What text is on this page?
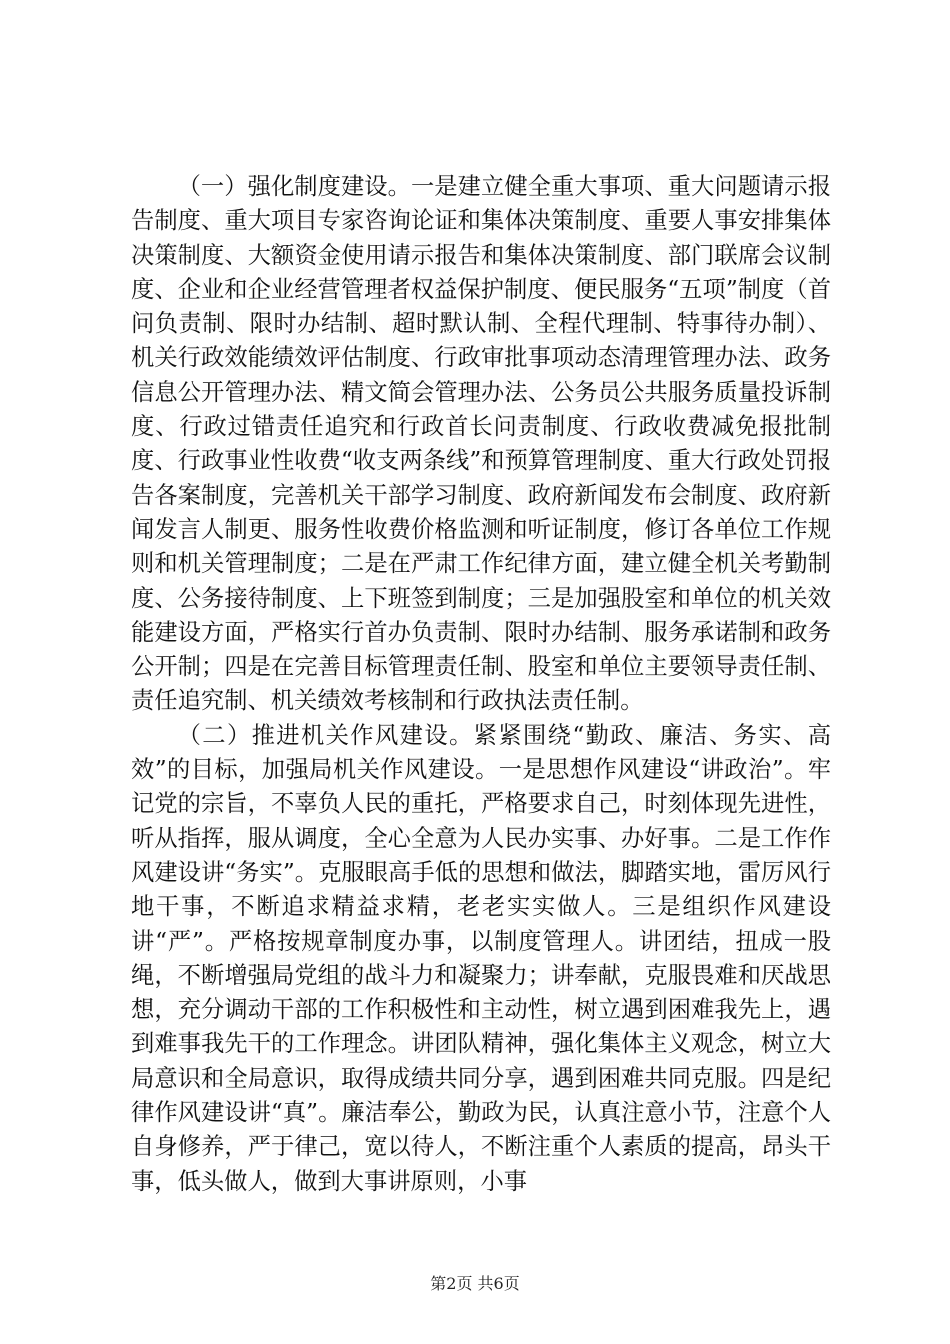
（一）强化制度建设。一是建立健全重大事项、重大问题请示报告制度、重大项目专家咨询论证和集体决策制度、重要人事安排集体决策制度、大额资金使用请示报告和集体决策制度、部门联席会议制度、企业和企业经营管理者权益保护制度、便民服务“五项”制度（首问负责制、限时办结制、超时默认制、全程代理制、特事待办制）、机关行政效能绩效评估制度、行政审批事项动态清理管理办法、政务信息公开管理办法、精文简会管理办法、公务员公共服务质量投诉制度、行政过错责任追究和行政首长问责制度、行政收费减免报批制度、行政事业性收费“收支两条线”和预算管理制度、重大行政处罚报告各案制度，完善机关干部学习制度、政府新闻发布会制度、政府新闻发言人制更、服务性收费价格监测和听证制度，修订各单位工作规则和机关管理制度；二是在严肃工作纪律方面，建立健全机关考勤制度、公务接待制度、上下班签到制度；三是加强股室和单位的机关效能建设方面，严格实行首办负责制、限时办结制、服务承诺制和政务公开制；四是在完善目标管理责任制、股室和单位主要领导责任制、责任追究制、机关绩效考核制和行政执法责任制。

（二）推进机关作风建设。紧紧围绕“勤政、廉洁、务实、高效”的目标，加强局机关作风建设。一是思想作风建设“讲政治”。牢记党的宗旨，不辜负人民的重托，严格要求自己，时刻体现先进性，听从指挥，服从调度，全心全意为人民办实事、办好事。二是工作作风建设讲“务实”。克服眼高手低的思想和做法，脚踏实地，雷厉风行地干事，不断追求精益求精，老老实实做人。三是组织作风建设讲“严”。严格按规章制度办事，以制度管理人。讲团结，扭成一股绳，不断增强局党组的战斗力和凝聚力；讲奉献，克服畏难和厌战思想，充分调动干部的工作积极性和主动性，树立遇到困难我先上，遇到难事我先干的工作理念。讲团队精神，强化集体主义观念，树立大局意识和全局意识，取得成绩共同分享，遇到困难共同克服。四是纪律作风建设讲“真”。廉洁奉公，勤政为民，认真注意小节，注意个人自身修养，严于律己，宽以待人，不断注重个人素质的提高，昂头干事，低头做人，做到大事讲原则，小事

第2页 共6页
